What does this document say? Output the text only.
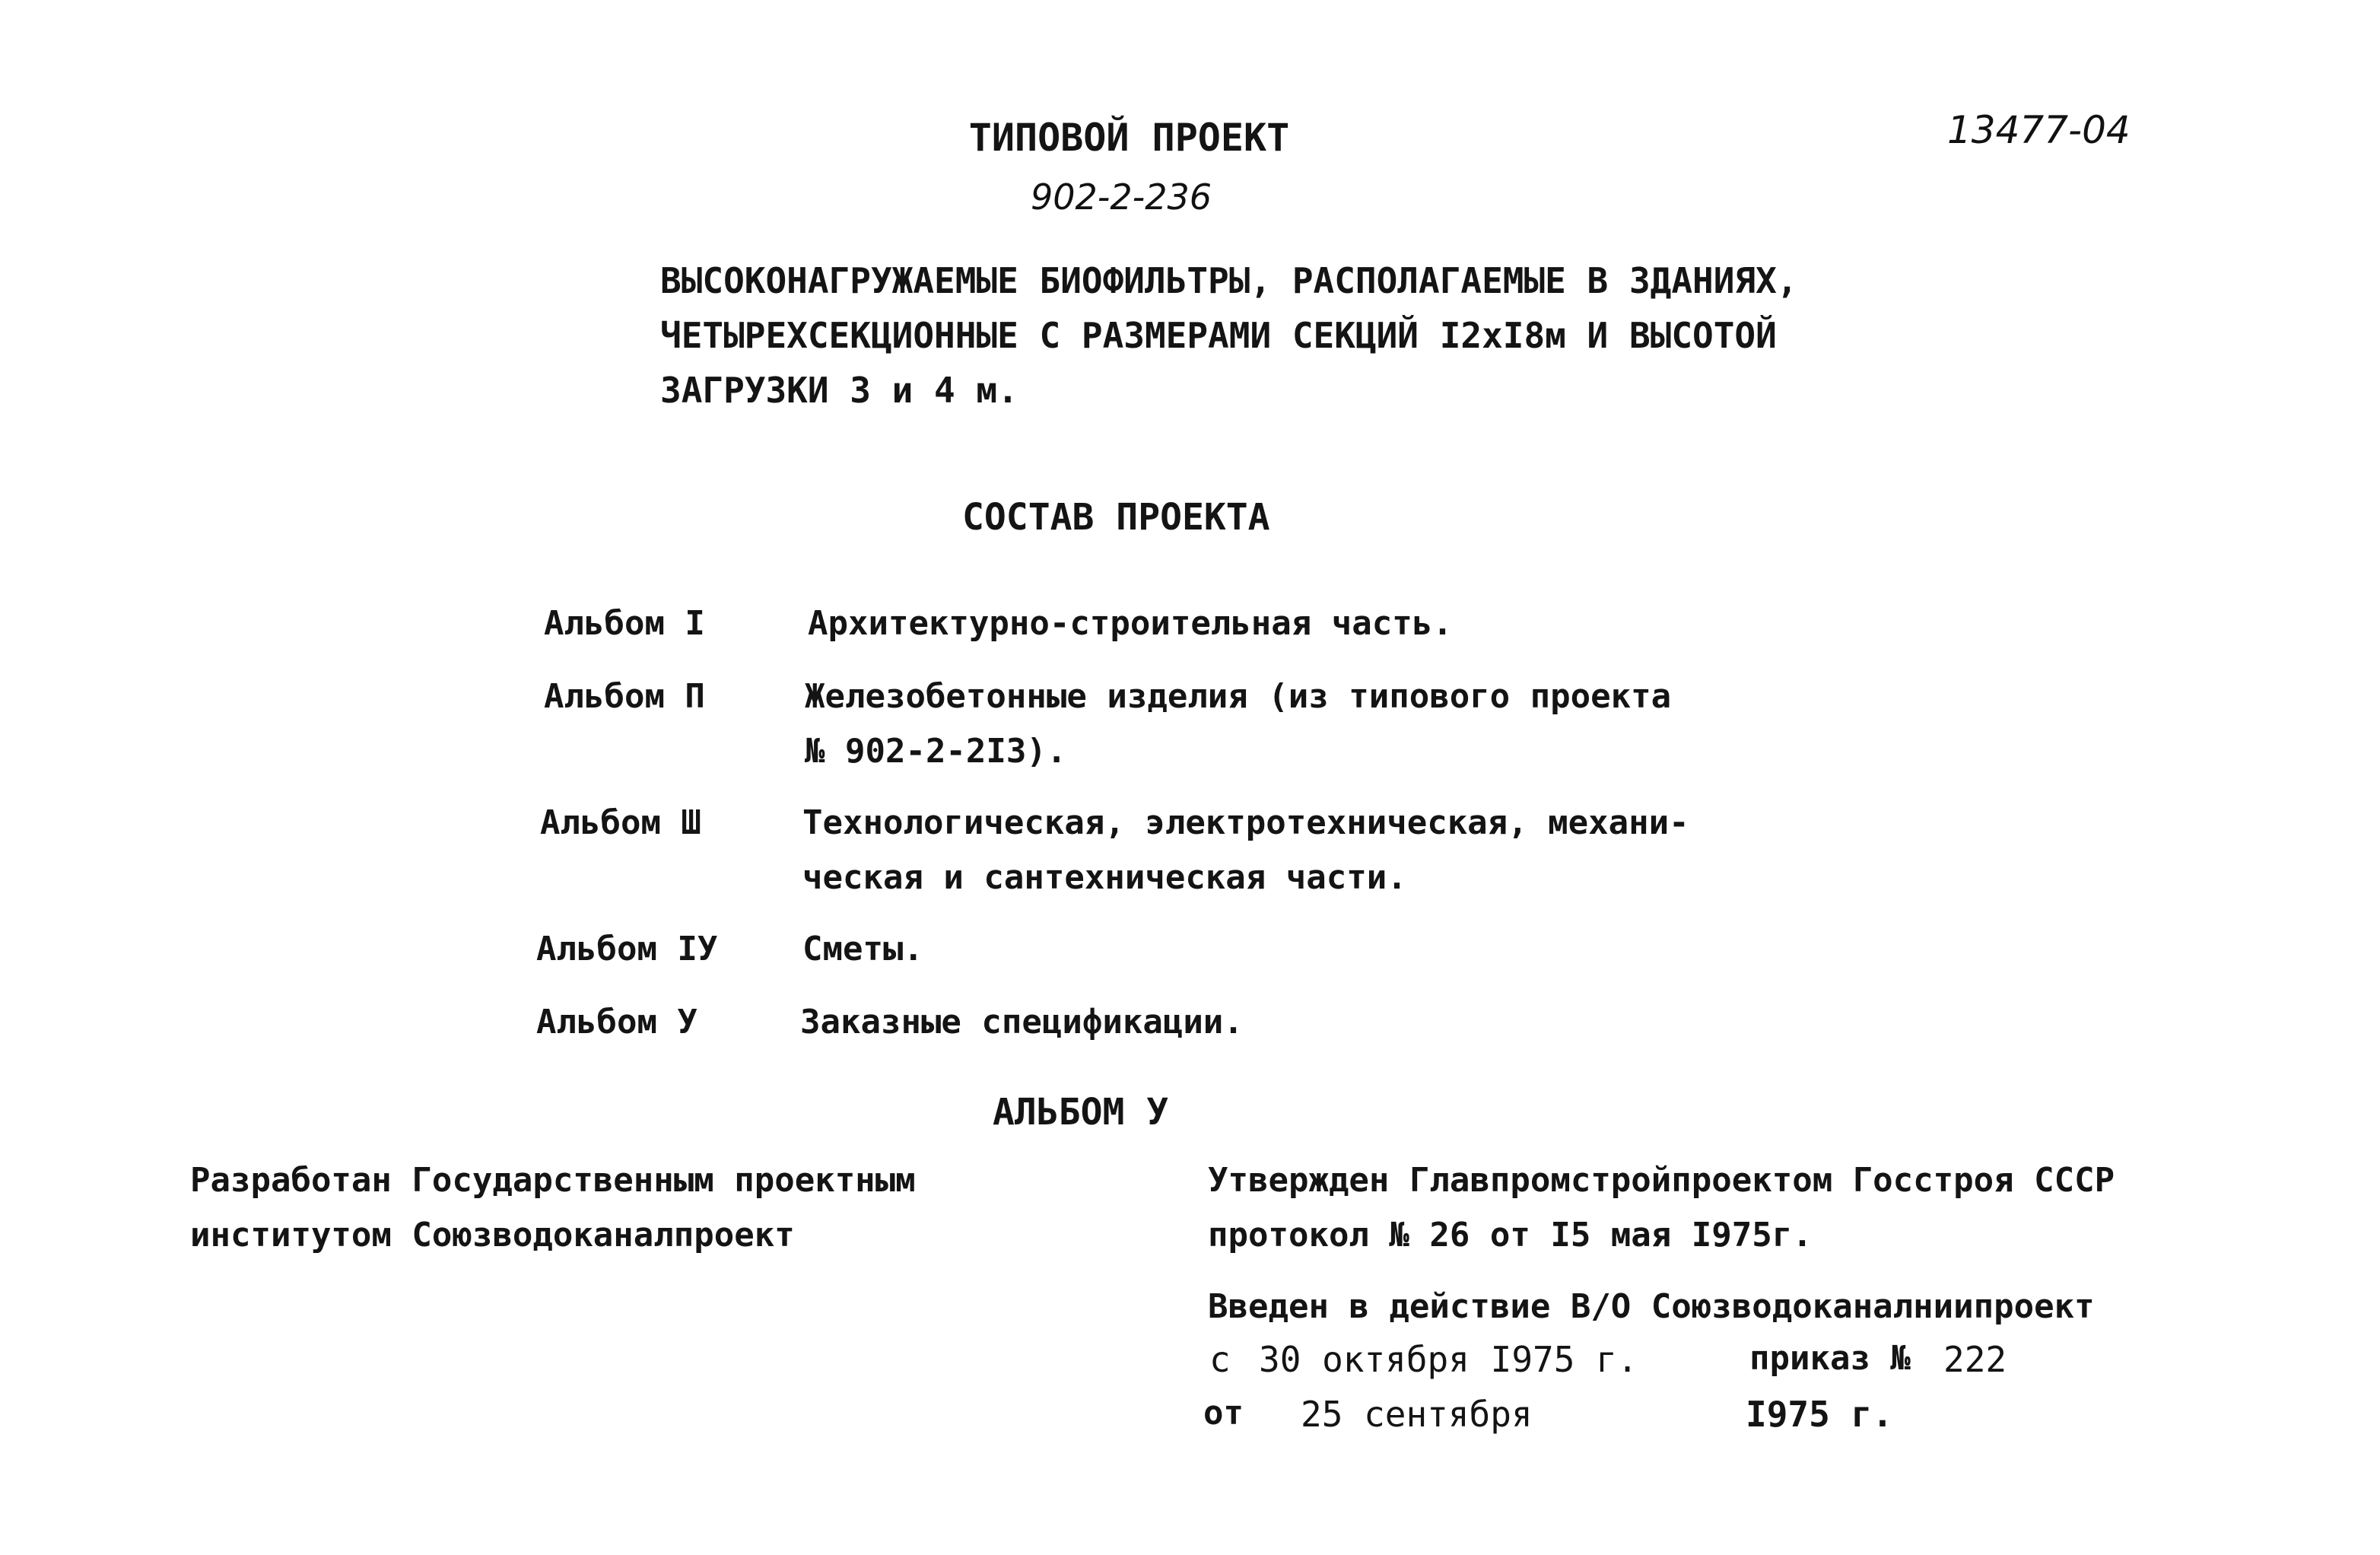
ТИПОВОЙ ПРОЕКТ
902-2-236
13477-04
ВЫСОКОНАГРУЖАЕМЫЕ БИОФИЛЬТРЫ, РАСПОЛАГАЕМЫЕ В ЗДАНИЯХ,
ЧЕТЫРЕХСЕКЦИОННЫЕ С РАЗМЕРАМИ СЕКЦИЙ I2xI8м И ВЫСОТОЙ
ЗАГРУЗКИ 3 и 4 м.
СОСТАВ ПРОЕКТА
Альбом I	Архитектурно-строительная часть.
Альбом П	Железобетонные изделия (из типового проекта
№ 902-2-2I3).
Альбом Ш	Технологическая, электротехническая, механи-
ческая и сантехническая части.
Альбом IУ	Сметы.
Альбом У	Заказные спецификации.
АЛЬБОМ У
Разработан Государственным проектным
институтом Союзводоканалпроект
Утвержден Главпромстройпроектом Госстроя СССР
протокол № 26 от I5 мая I975г.
Введен в действие В/О Союзводоканалниипроект
с 30 октября I975 г.	приказ № 222
от 25 сентября	I975 г.
